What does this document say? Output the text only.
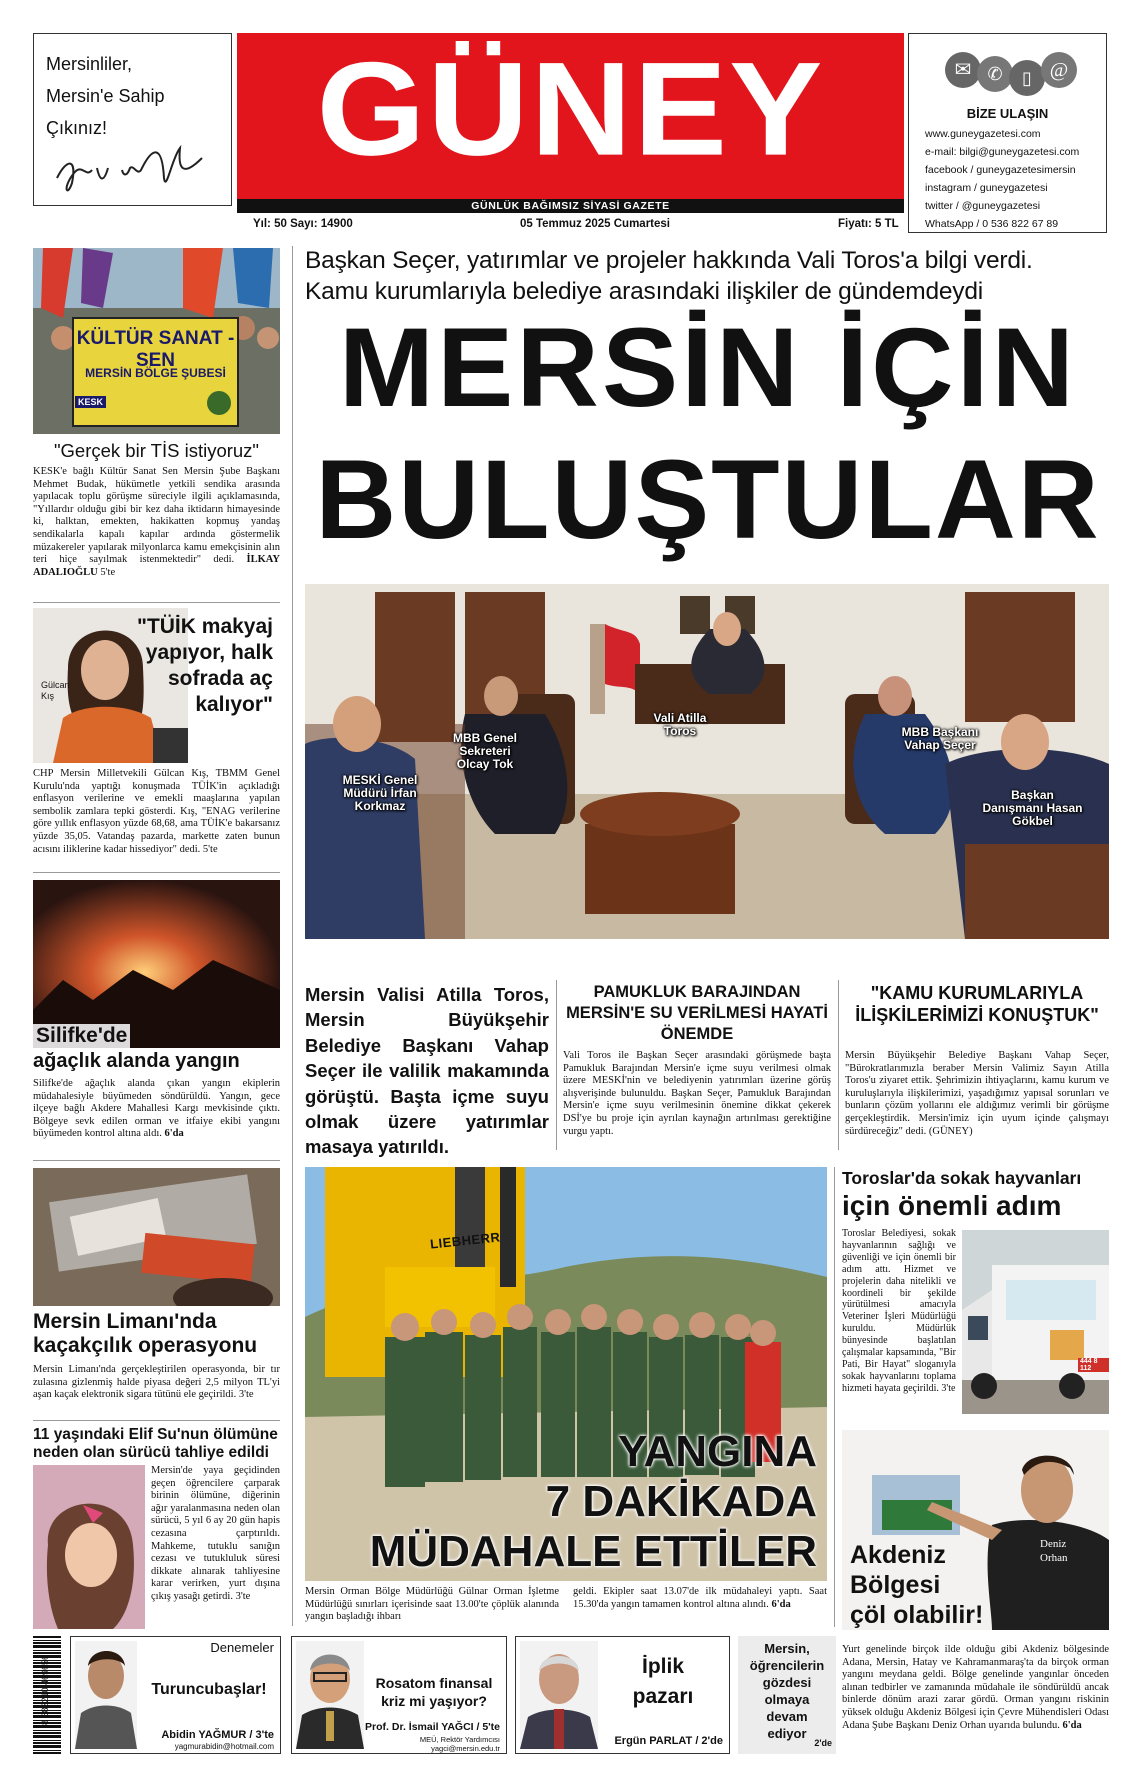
Mersinliler,
Mersin'e Sahip
Çıkınız!	GÜNEY
GÜNLÜK BAĞIMSIZ SİYASİ GAZETE
Yıl: 50 Sayı: 14900	05 Temmuz 2025 Cumartesi	Fiyatı: 5 TL
✉ ✆	▯ @
BİZE ULAŞIN
www.guneygazetesi.com
e-mail: bilgi@guneygazetesi.com
facebook / guneygazetesimersin
instagram / guneygazetesi
twitter / @guneygazetesi
WhatsApp / 0 536 822 67 89
KÜLTÜR SANAT - SEN
MERSİN BÖLGE ŞUBESİ
KESK
"Gerçek bir TİS istiyoruz"
KESK'e bağlı Kültür Sanat Sen Mersin Şube Başkanı Mehmet Budak, hükümetle yetkili sendika arasında yapılacak toplu görüşme süreciyle ilgili açıklamasında, "Yıllardır olduğu gibi bir kez daha iktidarın himayesinde ki, halktan, emekten, hakikatten kopmuş yandaş sendikalarla kapalı kapılar ardında göstermelik müzakereler yapılarak milyonlarca kamu emekçisinin alın teri hiçe sayılmak istenmektedir" dedi. İLKAY ADALIOĞLU 5'te
Gülcan Kış
"TÜİK makyaj yapıyor, halk sofrada aç kalıyor"
CHP Mersin Milletvekili Gülcan Kış, TBMM Genel Kurulu'nda yaptığı konuşmada TÜİK'in açıkladığı enflasyon verilerine ve emekli maaşlarına yapılan sembolik zamlara tepki gösterdi. Kış, "ENAG verilerine göre yıllık enflasyon yüzde 68,68, ama TÜİK'e bakarsanız yüzde 35,05. Vatandaş pazarda, markette zaten bunun acısını iliklerine kadar hissediyor" dedi. 5'te
Silifke'de
ağaçlık alanda yangın
Silifke'de ağaçlık alanda çıkan yangın ekiplerin müdahalesiyle büyümeden söndürüldü. Yangın, gece ilçeye bağlı Akdere Mahallesi Kargı mevkisinde çıktı. Bölgeye sevk edilen orman ve itfaiye ekibi yangını büyümeden kontrol altına aldı. 6'da
Mersin Limanı'nda kaçakçılık operasyonu
Mersin Limanı'nda gerçekleştirilen operasyonda, bir tır zulasına gizlenmiş halde piyasa değeri 2,5 milyon TL'yi aşan kaçak elektronik sigara tütünü ele geçirildi. 3'te
11 yaşındaki Elif Su'nun ölümüne neden olan sürücü tahliye edildi
Mersin'de yaya geçidinden geçen öğrencilere çarparak birinin ölümüne, diğerinin ağır yaralanmasına neden olan sürücü, 5 yıl 6 ay 20 gün hapis cezasına çarptırıldı. Mahkeme, tutuklu sanığın cezası ve tutukluluk süresi dikkate alınarak tahliyesine karar verirken, yurt dışına çıkış yasağı getirdi. 3'te
Başkan Seçer, yatırımlar ve projeler hakkında Vali Toros'a bilgi verdi.
Kamu kurumlarıyla belediye arasındaki ilişkiler de gündemdeydi
MERSİN İÇİN
BULUŞTULAR
MESKİ Genel Müdürü İrfan Korkmaz
MBB Genel Sekreteri Olcay Tok
Vali Atilla Toros	MBB Başkanı Vahap Seçer
Başkan Danışmanı Hasan Gökbel
Mersin Valisi Atilla Toros, Mersin Büyükşehir Belediye Başkanı Vahap Seçer ile valilik makamında görüştü. Başta içme suyu olmak üzere yatırımlar masaya yatırıldı.
PAMUKLUK BARAJINDAN MERSİN'E SU VERİLMESİ HAYATİ ÖNEMDE
Vali Toros ile Başkan Seçer arasındaki görüşmede başta Pamukluk Barajından Mersin'e içme suyu verilmesi olmak üzere MESKİ'nin ve belediyenin yatırımları üzerine görüş alışverişinde bulunuldu. Başkan Seçer, Pamukluk Barajından Mersin'e içme suyu verilmesinin önemine dikkat çekerek DSİ'ye bu proje için ayrılan kaynağın artırılması gerektiğine vurgu yaptı.
"KAMU KURUMLARIYLA İLİŞKİLERİMİZİ KONUŞTUK"
Mersin Büyükşehir Belediye Başkanı Vahap Seçer, "Bürokratlarımızla beraber Mersin Valimiz Sayın Atilla Toros'u ziyaret ettik. Şehrimizin ihtiyaçlarını, kamu kurum ve kuruluşlarıyla ilişkilerimizi, yaşadığımız yapısal sorunları ve bunların çözüm yollarını ele aldığımız verimli bir görüşme gerçekleştirdik. Mersin'imiz için uyum içinde çalışmayı sürdüreceğiz" dedi. (GÜNEY)
LIEBHERR
YANGINA
7 DAKİKADA
MÜDAHALE ETTİLER
Mersin Orman Bölge Müdürlüğü Gülnar Orman İşletme Müdürlüğü sınırları içerisinde saat 13.00'te çöplük alanında yangın başladığı ihbarı
geldi. Ekipler saat 13.07'de ilk müdahaleyi yaptı. Saat 15.30'da yangın tamamen kontrol altına alındı. 6'da
Toroslar'da sokak hayvanları
için önemli adım
Toroslar Belediyesi, sokak hayvanlarının sağlığı ve güvenliği ve için önemli bir adım attı. Hizmet ve projelerin daha nitelikli ve koordineli bir şekilde yürütülmesi amacıyla Veteriner İşleri Müdürlüğü kuruldu. Müdürlük bünyesinde başlatılan çalışmalar kapsamında, "Bir Pati, Bir Hayat" sloganıyla sokak hayvanlarını toplama hizmeti hayata geçirildi. 3'te
444 8 112
Deniz
Orhan
Akdeniz
Bölgesi
çöl olabilir!
Yurt genelinde birçok ilde olduğu gibi Akdeniz bölgesinde Adana, Mersin, Hatay ve Kahramanmaraş'ta da birçok orman yangını meydana geldi. Bölge genelinde yangınlar önceden alınan tedbirler ve zamanında müdahale ile söndürüldü ancak binlerde dönüm arazi zarar gördü. Orman yangını riskinin yüksek olduğu Akdeniz Bölgesi için Çevre Mühendisleri Odası Adana Şube Başkanı Deniz Orhan uyarıda bulundu. 6'da
8 683210 469656
Denemeler
Turuncubaşlar!
Abidin YAĞMUR / 3'te
yagmurabidin@hotmail.com
Rosatom finansal
kriz mi yaşıyor?
Prof. Dr. İsmail YAĞCI / 5'te
MEÜ, Rektör Yardımcısı
yagci@mersin.edu.tr
İplik
pazarı
Ergün PARLAT / 2'de
Mersin,
öğrencilerin
gözdesi
olmaya
devam
ediyor
2'de
